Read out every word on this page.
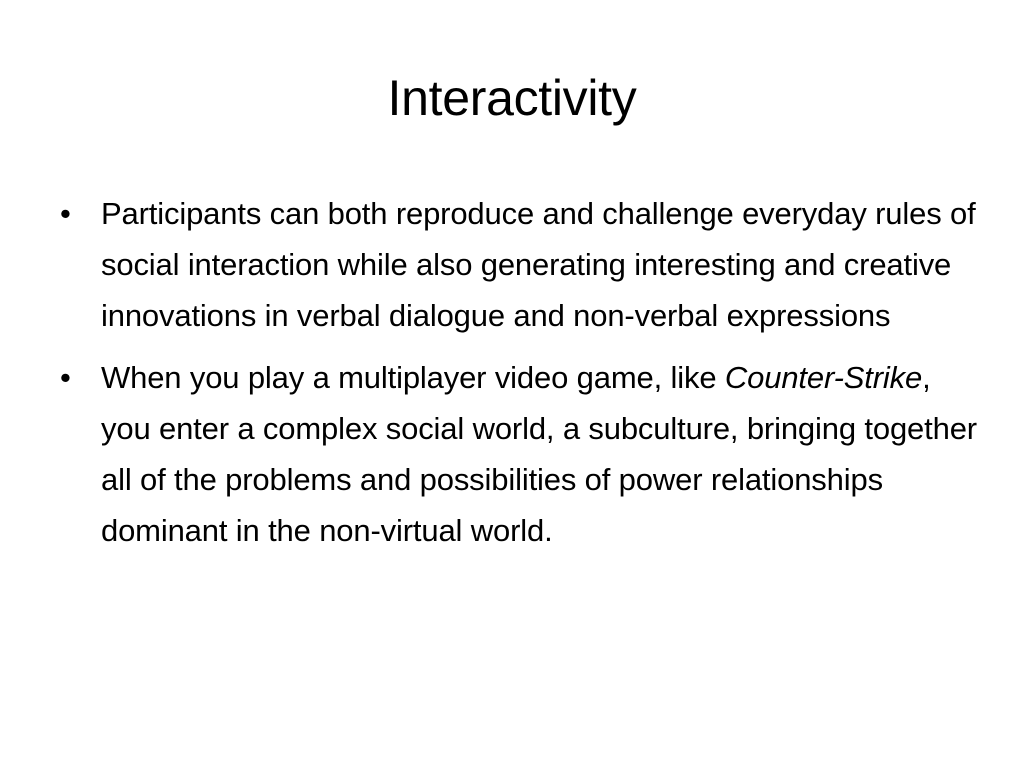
Interactivity
• Participants can both reproduce and challenge everyday rules of social interaction while also generating interesting and creative innovations in verbal dialogue and non-verbal expressions
• When you play a multiplayer video game, like Counter-Strike, you enter a complex social world, a subculture, bringing together all of the problems and possibilities of power relationships dominant in the non-virtual world.
